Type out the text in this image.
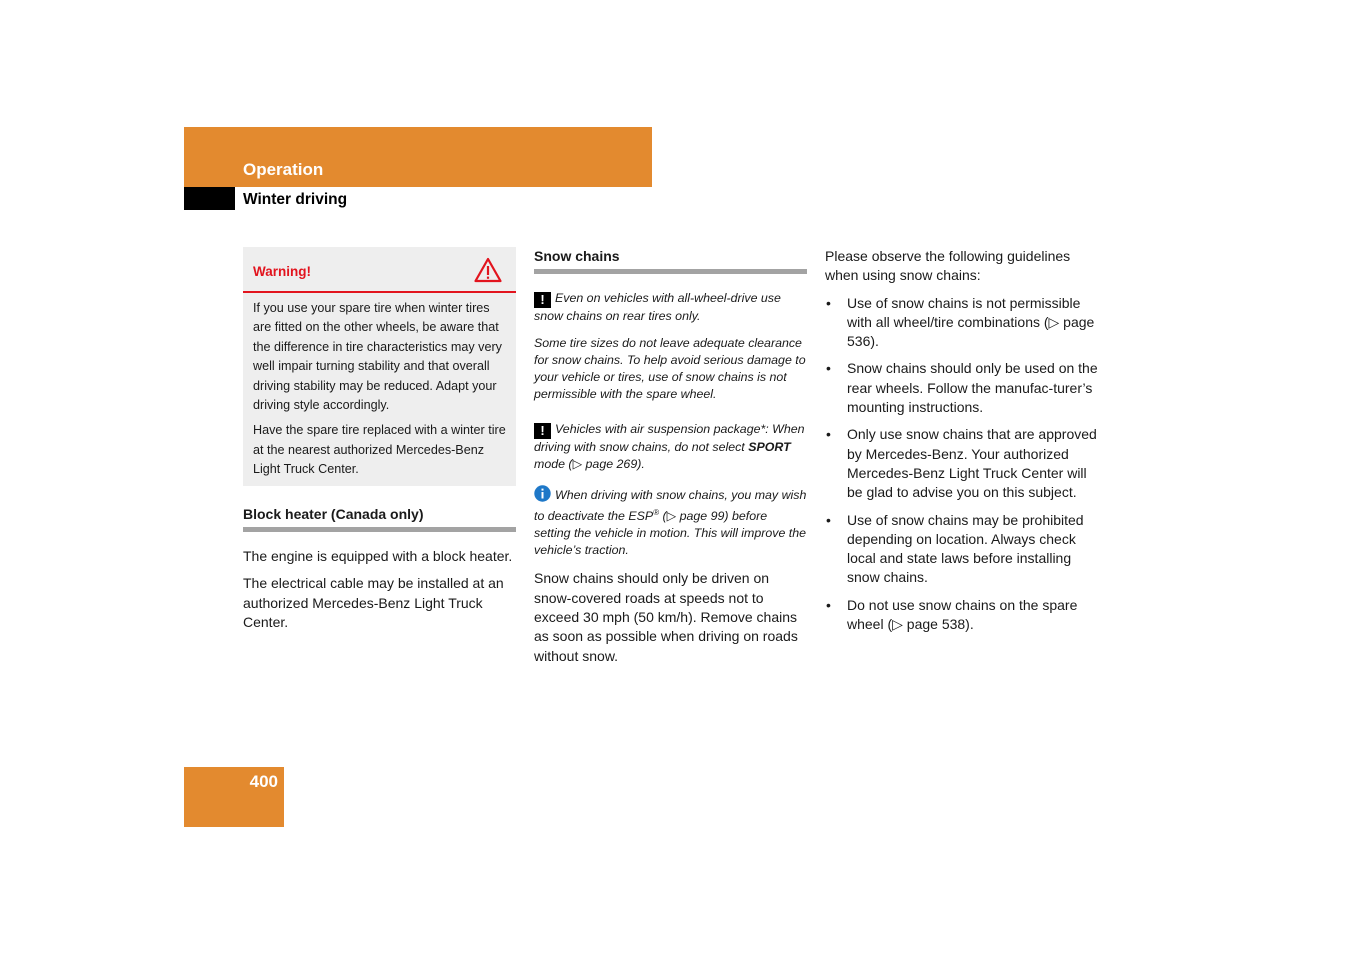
Operation
Winter driving
Warning!

If you use your spare tire when winter tires are fitted on the other wheels, be aware that the difference in tire characteristics may very well impair turning stability and that overall driving stability may be reduced. Adapt your driving style accordingly.

Have the spare tire replaced with a winter tire at the nearest authorized Mercedes-Benz Light Truck Center.

Block heater (Canada only)

The engine is equipped with a block heater.

The electrical cable may be installed at an authorized Mercedes-Benz Light Truck Center.

Snow chains

! Even on vehicles with all-wheel-drive use snow chains on rear tires only.

Some tire sizes do not leave adequate clearance for snow chains. To help avoid serious damage to your vehicle or tires, use of snow chains is not permissible with the spare wheel.

! Vehicles with air suspension package*: When driving with snow chains, do not select SPORT mode (▷ page 269).

When driving with snow chains, you may wish to deactivate the ESP® (▷ page 99) before setting the vehicle in motion. This will improve the vehicle’s traction.

Snow chains should only be driven on snow-covered roads at speeds not to exceed 30 mph (50 km/h). Remove chains as soon as possible when driving on roads without snow.

Please observe the following guidelines when using snow chains:

• Use of snow chains is not permissible with all wheel/tire combinations (▷ page 536).
• Snow chains should only be used on the rear wheels. Follow the manufac-turer’s mounting instructions.
• Only use snow chains that are approved by Mercedes-Benz. Your authorized Mercedes-Benz Light Truck Center will be glad to advise you on this subject.
• Use of snow chains may be prohibited depending on location. Always check local and state laws before installing snow chains.
• Do not use snow chains on the spare wheel (▷ page 538).
400
